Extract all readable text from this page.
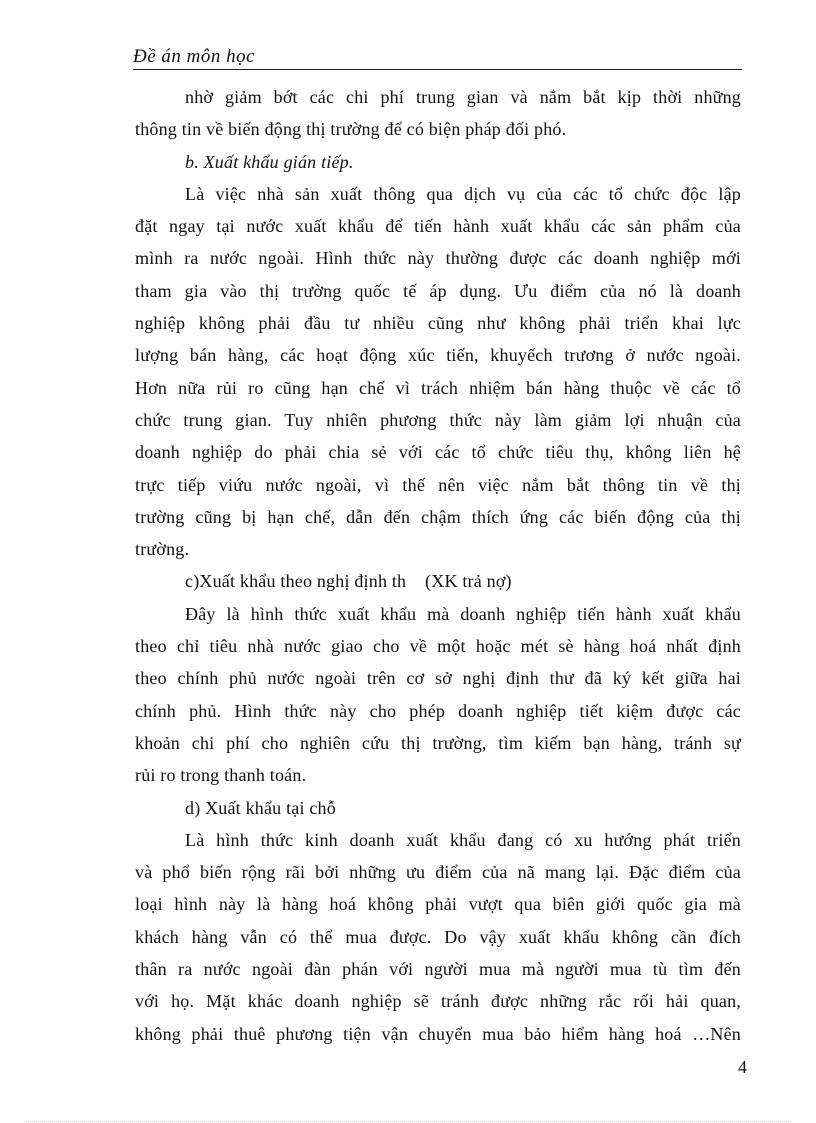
Đề án môn học
nhờ giảm bớt các chi phí trung gian và nắm bắt kịp thời những
thông tin về biến động thị trường để có biện pháp đối phó.
b. Xuất khẩu gián tiếp.
Là việc nhà sản xuất thông qua dịch vụ của các tổ chức độc lập
đặt ngay tại nước xuất khẩu để tiến hành xuất khẩu các sản phẩm của
mình ra nước ngoài. Hình thức này thường được các doanh nghiệp mới
tham gia vào thị trường quốc tế áp dụng. Ưu điểm của nó là doanh
nghiệp không phải đầu tư nhiều cũng như không phải triển khai lực
lượng bán hàng, các hoạt động xúc tiến, khuyếch trương ở nước ngoài.
Hơn nữa rủi ro cũng hạn chế vì trách nhiệm bán hàng thuộc về các tổ
chức trung gian. Tuy nhiên phương thức này làm giảm lợi nhuận của
doanh nghiệp do phải chia sẻ với các tổ chức tiêu thụ, không liên hệ
trực tiếp viứu nước ngoài, vì thế nên việc nắm bắt thông tin về thị
trường cũng bị hạn chế, dẫn đến chậm thích ứng các biến động của thị
trường.
c)Xuất khẩu theo nghị định th    (XK trả nợ)
Đây là hình thức xuất khẩu mà doanh nghiệp tiến hành xuất khẩu
theo chỉ tiêu nhà nước giao cho về một hoặc mét sè hàng hoá nhất định
theo chính phủ nước ngoài trên cơ sở nghị định thư đã ký kết giữa hai
chính phủ. Hình thức này cho phép doanh nghiệp tiết kiệm được các
khoản chi phí cho nghiên cứu thị trường, tìm kiếm bạn hàng, tránh sự
rủi ro trong thanh toán.
d) Xuất khẩu tại chỗ
Là hình thức kinh doanh xuất khẩu đang có xu hướng phát triển
và phổ biến rộng rãi bởi những ưu điểm của nã mang lại. Đặc điểm của
loại hình này là hàng hoá không phải vượt qua biên giới quốc gia mà
khách hàng vẫn có thể mua được. Do vậy xuất khẩu không cần đích
thân ra nước ngoài đàn phán với người mua mà người mua tù tìm đến
với họ. Mặt khác doanh nghiệp sẽ tránh được những rắc rối hải quan,
không phải thuê phương tiện vận chuyển mua bảo hiểm hàng hoá …Nên
4
